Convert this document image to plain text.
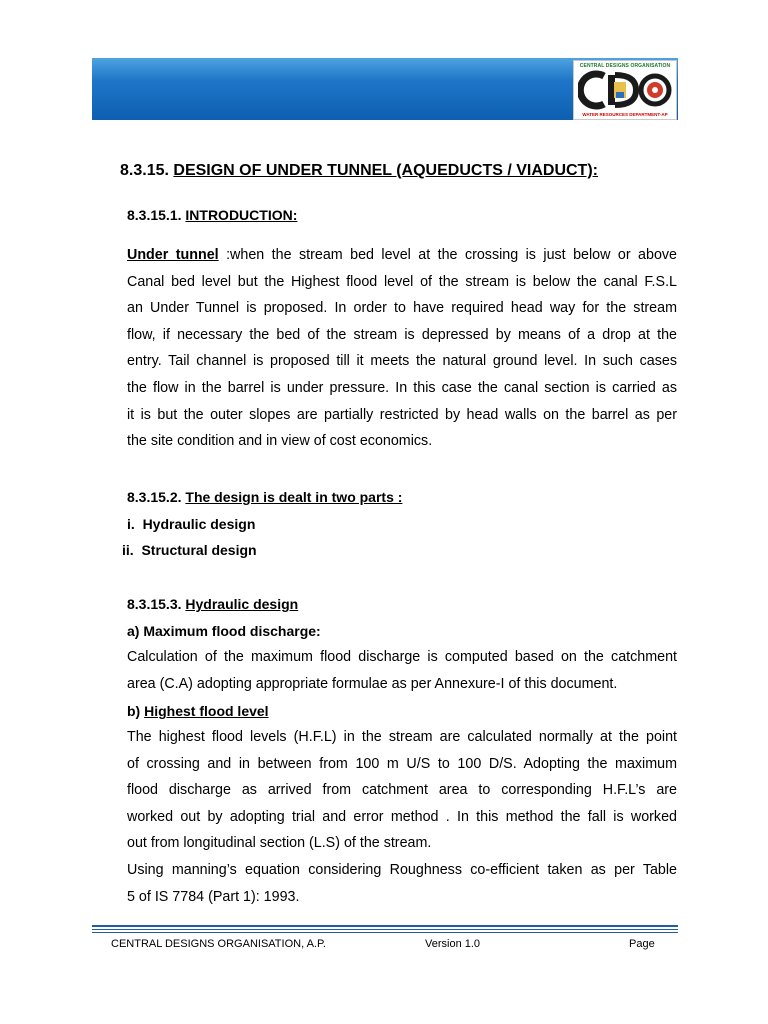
CENTRAL DESIGNS ORGANISATION
WATER RESOURCES DEPARTMENT-AP
8.3.15. DESIGN OF UNDER TUNNEL (AQUEDUCTS / VIADUCT):
8.3.15.1. INTRODUCTION:
Under tunnel :when the stream bed level at the crossing is just below or above
Canal bed level but the Highest flood level of the stream is below the canal F.S.L
an Under Tunnel is proposed. In order to have required head way for the stream
flow, if necessary the bed of the stream is depressed by means of a drop at the
entry. Tail channel is proposed till it meets the natural ground level. In such cases
the flow in the barrel is under pressure. In this case the canal section is carried as
it is but the outer slopes are partially restricted by head walls on the barrel as per
the site condition and in view of cost economics.
8.3.15.2. The design is dealt in two parts :
i. Hydraulic design
ii. Structural design
8.3.15.3. Hydraulic design
a) Maximum flood discharge:
Calculation of the maximum flood discharge is computed based on the catchment
area (C.A) adopting appropriate formulae as per Annexure-I of this document.
b) Highest flood level
The highest flood levels (H.F.L) in the stream are calculated normally at the point
of crossing and in between from 100 m U/S to 100 D/S. Adopting the maximum
flood discharge as arrived from catchment area to corresponding H.F.L’s are
worked out by adopting trial and error method . In this method the fall is worked
out from longitudinal section (L.S) of the stream.
Using manning’s equation considering Roughness co-efficient taken as per Table
5 of IS 7784 (Part 1): 1993.
CENTRAL DESIGNS ORGANISATION, A.P.	Version 1.0	Page
